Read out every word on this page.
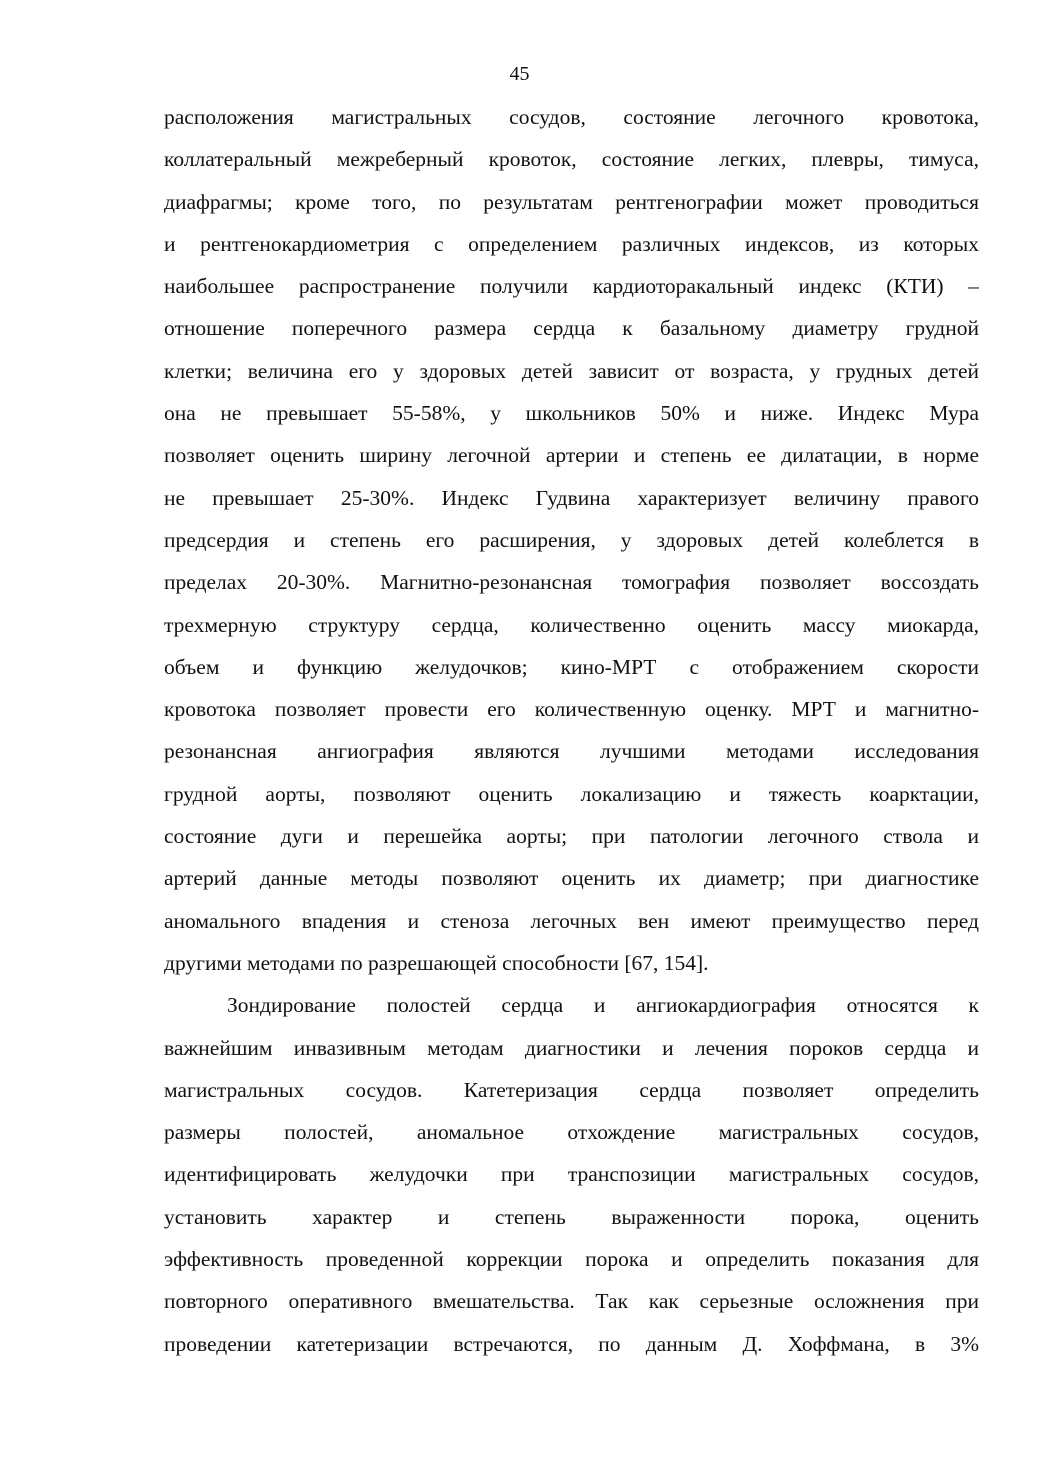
45
расположения магистральных сосудов, состояние легочного кровотока,
коллатеральный межреберный кровоток, состояние легких, плевры, тимуса,
диафрагмы; кроме того, по результатам рентгенографии может проводиться
и рентгенокардиометрия с определением различных индексов, из которых
наибольшее распространение получили кардиоторакальный индекс (КТИ) –
отношение поперечного размера сердца к базальному диаметру грудной
клетки; величина его у здоровых детей зависит от возраста, у грудных детей
она не превышает 55-58%, у школьников 50% и ниже. Индекс Мура
позволяет оценить ширину легочной артерии и степень ее дилатации, в норме
не превышает 25-30%. Индекс Гудвина характеризует величину правого
предсердия и степень его расширения, у здоровых детей колеблется в
пределах 20-30%. Магнитно-резонансная томография позволяет воссоздать
трехмерную структуру сердца, количественно оценить массу миокарда,
объем и функцию желудочков; кино-МРТ с отображением скорости
кровотока позволяет провести его количественную оценку. МРТ и магнитно-
резонансная ангиография являются лучшими методами исследования
грудной аорты, позволяют оценить локализацию и тяжесть коарктации,
состояние дуги и перешейка аорты; при патологии легочного ствола и
артерий данные методы позволяют оценить их диаметр; при диагностике
аномального впадения и стеноза легочных вен имеют преимущество перед
другими методами по разрешающей способности [67, 154].
Зондирование полостей сердца и ангиокардиография относятся к
важнейшим инвазивным методам диагностики и лечения пороков сердца и
магистральных сосудов. Катетеризация сердца позволяет определить
размеры полостей, аномальное отхождение магистральных сосудов,
идентифицировать желудочки при транспозиции магистральных сосудов,
установить характер и степень выраженности порока, оценить
эффективность проведенной коррекции порока и определить показания для
повторного оперативного вмешательства. Так как серьезные осложнения при
проведении катетеризации встречаются, по данным Д. Хоффмана, в 3%
